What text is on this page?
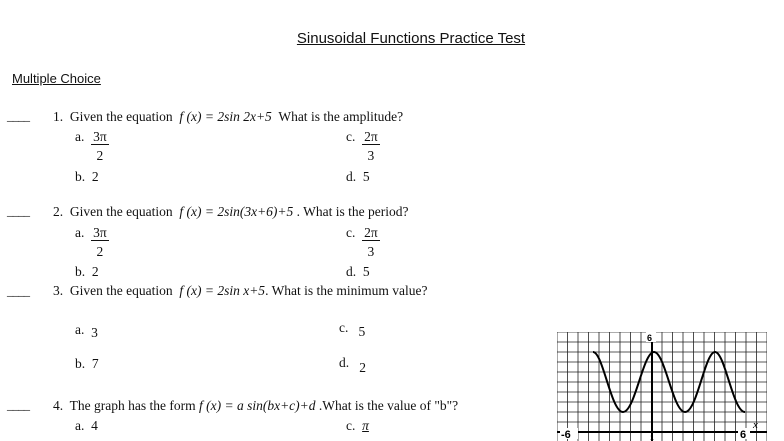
Sinusoidal Functions Practice Test
Multiple Choice
____ 1. Given the equation f (x) = 2sin 2x+5 What is the amplitude?
a. $\frac{3\pi}{2}$	c. $\frac{2\pi}{3}$
b. 2	d. 5
____ 2. Given the equation f (x) = 2sin(3x+6)+5 . What is the period?
a. $\frac{3\pi}{2}$	c. $\frac{2\pi}{3}$
b. 2	d. 5
____ 3. Given the equation f (x) = 2sin x+5. What is the minimum value?
a. 3	c. 5
b. 7	d. 2
____ 4. The graph has the form f (x) = a sin(bx+c)+d .What is the value of "b"?
a. 4	c. π
-6	6
x
6
1
